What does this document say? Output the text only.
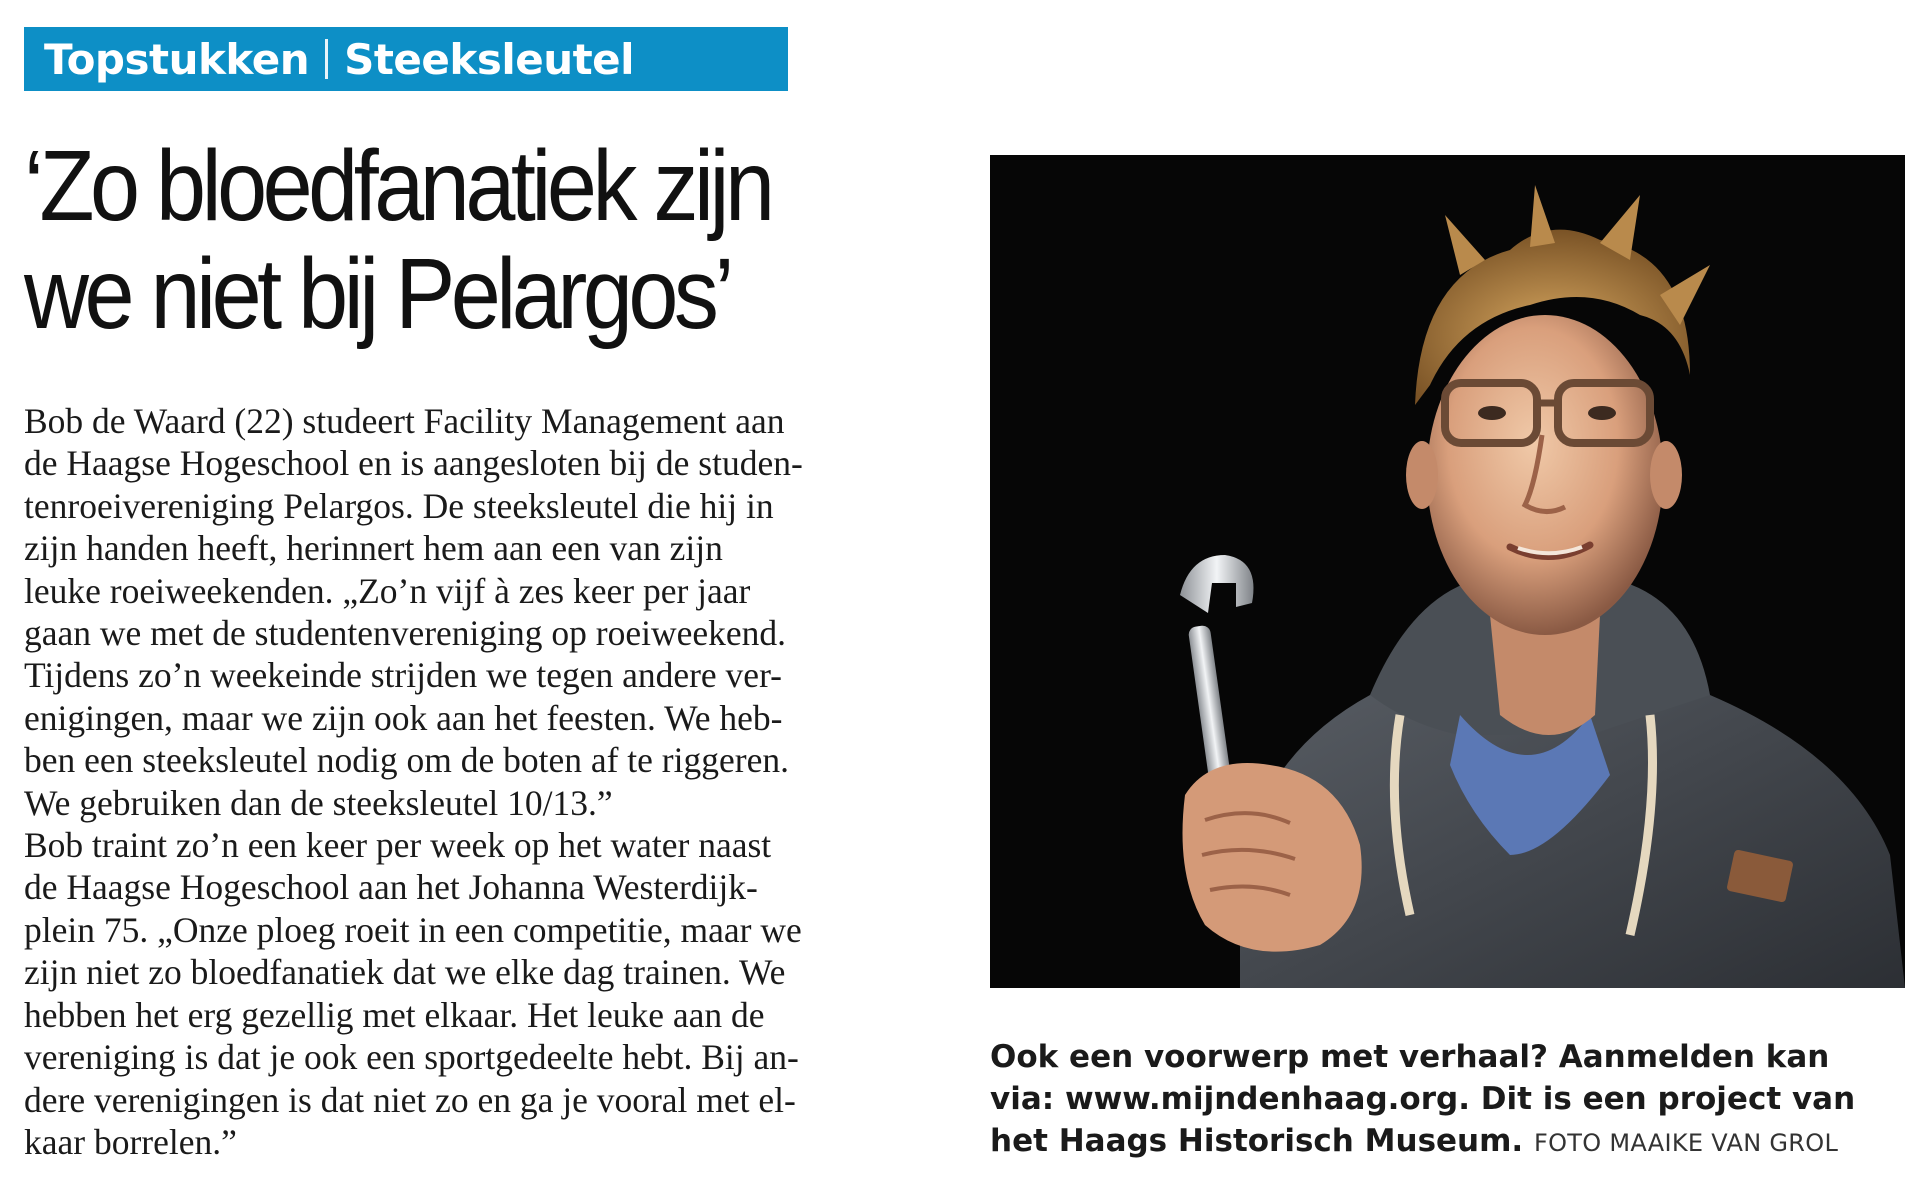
Topstukken Steeksleutel
‘Zo bloedfanatiek zijn
we niet bij Pelargos’
Bob de Waard (22) studeert Facility Management aan
de Haagse Hogeschool en is aangesloten bij de studen-
tenroeivereniging Pelargos. De steeksleutel die hij in
zijn handen heeft, herinnert hem aan een van zijn
leuke roeiweekenden. „Zo’n vijf à zes keer per jaar
gaan we met de studentenvereniging op roeiweekend.
Tijdens zo’n weekeinde strijden we tegen andere ver-
enigingen, maar we zijn ook aan het feesten. We heb-
ben een steeksleutel nodig om de boten af te riggeren.
We gebruiken dan de steeksleutel 10/13.”
Bob traint zo’n een keer per week op het water naast
de Haagse Hogeschool aan het Johanna Westerdijk-
plein 75. „Onze ploeg roeit in een competitie, maar we
zijn niet zo bloedfanatiek dat we elke dag trainen. We
hebben het erg gezellig met elkaar. Het leuke aan de
vereniging is dat je ook een sportgedeelte hebt. Bij an-
dere verenigingen is dat niet zo en ga je vooral met el-
kaar borrelen.”
Ook een voorwerp met verhaal? Aanmelden kan
via: www.mijndenhaag.org. Dit is een project van
het Haags Historisch Museum. FOTO MAAIKE VAN GROL
